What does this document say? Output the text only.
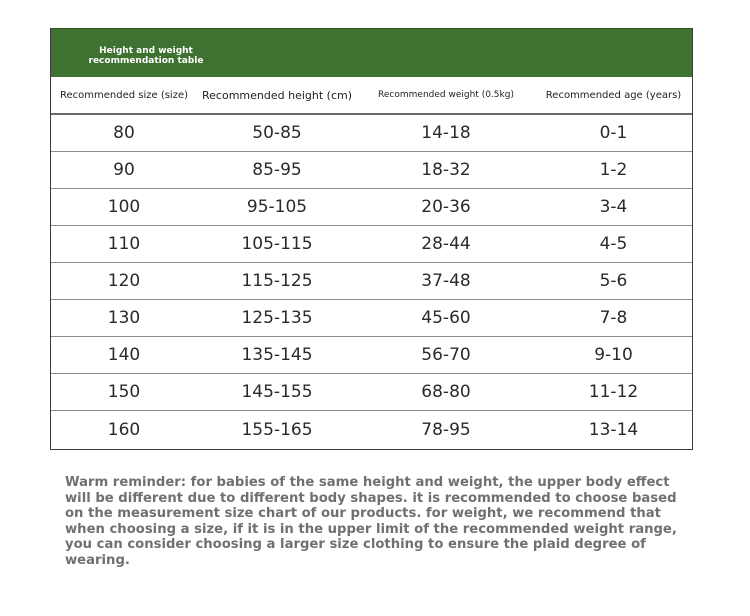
Height and weight recommendation table
Recommended size (size)	Recommended height (cm)	Recommended weight (0.5kg)	Recommended age (years)
80	50-85	14-18	0-1
90	85-95	18-32	1-2
100	95-105	20-36	3-4
110	105-115	28-44	4-5
120	115-125	37-48	5-6
130	125-135	45-60	7-8
140	135-145	56-70	9-10
150	145-155	68-80	11-12
160	155-165	78-95	13-14
Warm reminder: for babies of the same height and weight, the upper body effect will be different due to different body shapes. it is recommended to choose based on the measurement size chart of our products. for weight, we recommend that when choosing a size, if it is in the upper limit of the recommended weight range, you can consider choosing a larger size clothing to ensure the plaid degree of wearing.
